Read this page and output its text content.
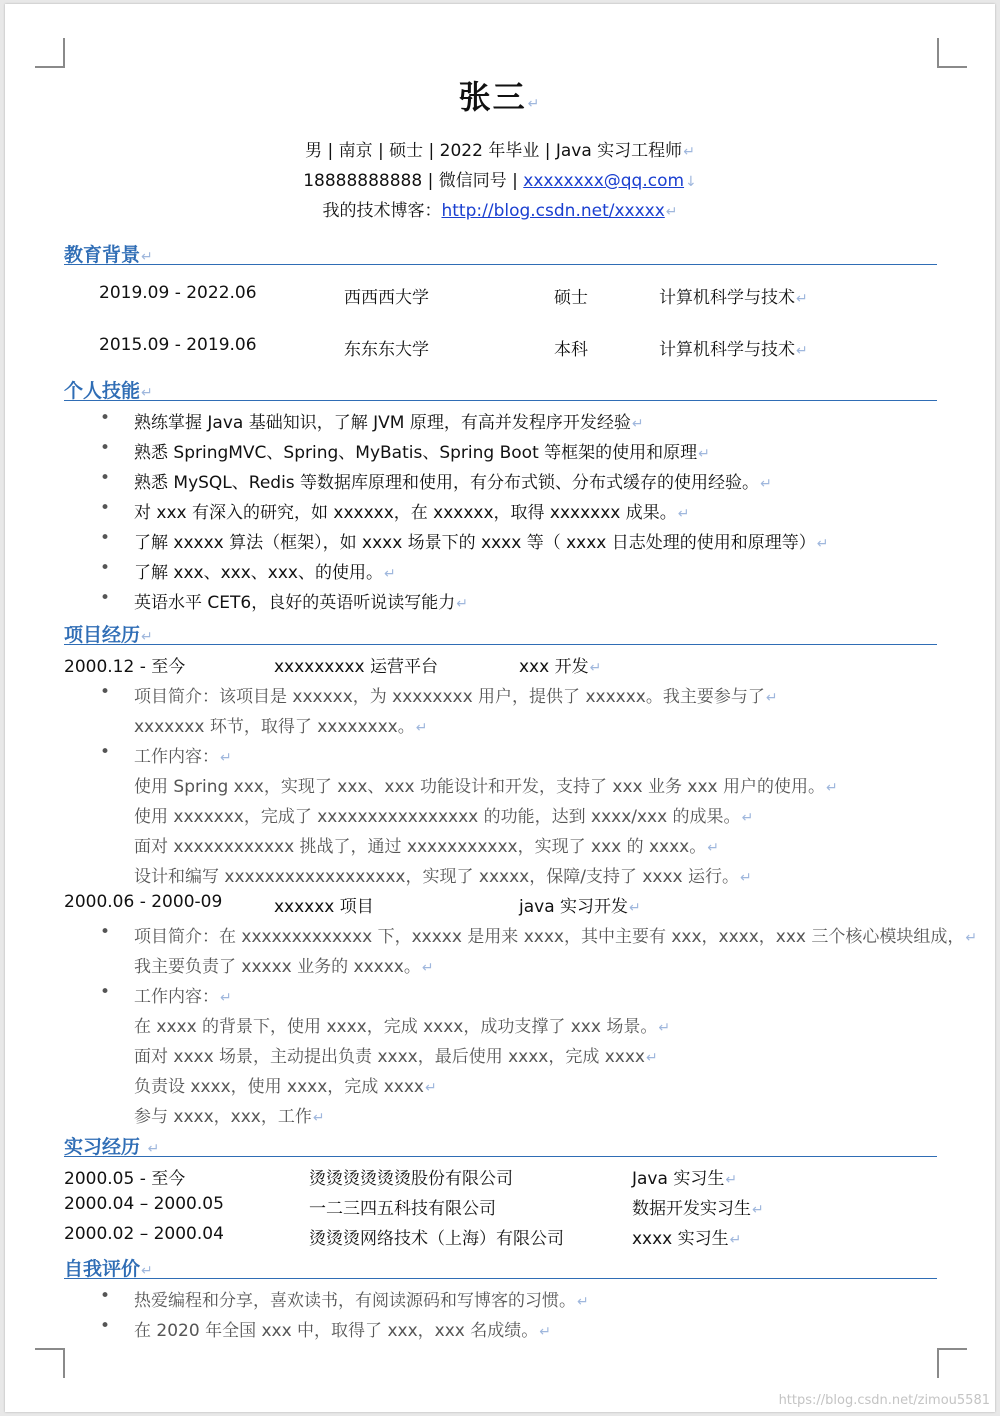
张三↵
男 | 南京 | 硕士 | 2022 年毕业 | Java 实习工程师↵
18888888888 | 微信同号 | xxxxxxxx@qq.com↓
我的技术博客：http://blog.csdn.net/xxxxx↵
教育背景↵
2019.09 - 2022.06	西西西大学	硕士	计算机科学与技术↵
2015.09 - 2019.06	东东东大学	本科	计算机科学与技术↵
个人技能↵
• 熟练掌握 Java 基础知识，了解 JVM 原理，有高并发程序开发经验↵
• 熟悉 SpringMVC、Spring、MyBatis、Spring Boot 等框架的使用和原理↵
• 熟悉 MySQL、Redis 等数据库原理和使用，有分布式锁、分布式缓存的使用经验。↵
• 对 xxx 有深入的研究，如 xxxxxx，在 xxxxxx，取得 xxxxxxx 成果。↵
• 了解 xxxxx 算法（框架），如 xxxx 场景下的 xxxx 等（ xxxx 日志处理的使用和原理等）↵
• 了解 xxx、xxx、xxx、的使用。↵
• 英语水平 CET6，良好的英语听说读写能力↵
项目经历↵
2000.12 - 至今	xxxxxxxxx 运营平台	xxx 开发↵
• 项目简介：该项目是 xxxxxx，为 xxxxxxxx 用户，提供了 xxxxxx。我主要参与了↵
xxxxxxx 环节，取得了 xxxxxxxx。↵
• 工作内容：↵
使用 Spring xxx，实现了 xxx、xxx 功能设计和开发，支持了 xxx 业务 xxx 用户的使用。↵
使用 xxxxxxx，完成了 xxxxxxxxxxxxxxxx 的功能，达到 xxxx/xxx 的成果。↵
面对 xxxxxxxxxxxx 挑战了，通过 xxxxxxxxxxx，实现了 xxx 的 xxxx。↵
设计和编写 xxxxxxxxxxxxxxxxxx，实现了 xxxxx，保障/支持了 xxxx 运行。↵
2000.06 - 2000-09	xxxxxx 项目	java 实习开发↵
• 项目简介：在 xxxxxxxxxxxxx 下，xxxxx 是用来 xxxx，其中主要有 xxx，xxxx，xxx 三个核心模块组成，↵
我主要负责了 xxxxx 业务的 xxxxx。↵
• 工作内容：↵
在 xxxx 的背景下，使用 xxxx，完成 xxxx，成功支撑了 xxx 场景。↵
面对 xxxx 场景，主动提出负责 xxxx，最后使用 xxxx，完成 xxxx↵
负责设 xxxx，使用 xxxx，完成 xxxx↵
参与 xxxx，xxx，工作↵
实习经历 ↵
2000.05 - 至今	烫烫烫烫烫烫股份有限公司	Java 实习生↵
2000.04 – 2000.05	一二三四五科技有限公司	数据开发实习生↵
2000.02 – 2000.04	烫烫烫网络技术（上海）有限公司	xxxx 实习生↵
自我评价↵
• 热爱编程和分享，喜欢读书，有阅读源码和写博客的习惯。↵
• 在 2020 年全国 xxx 中，取得了 xxx，xxx 名成绩。↵
https://blog.csdn.net/zimou5581
